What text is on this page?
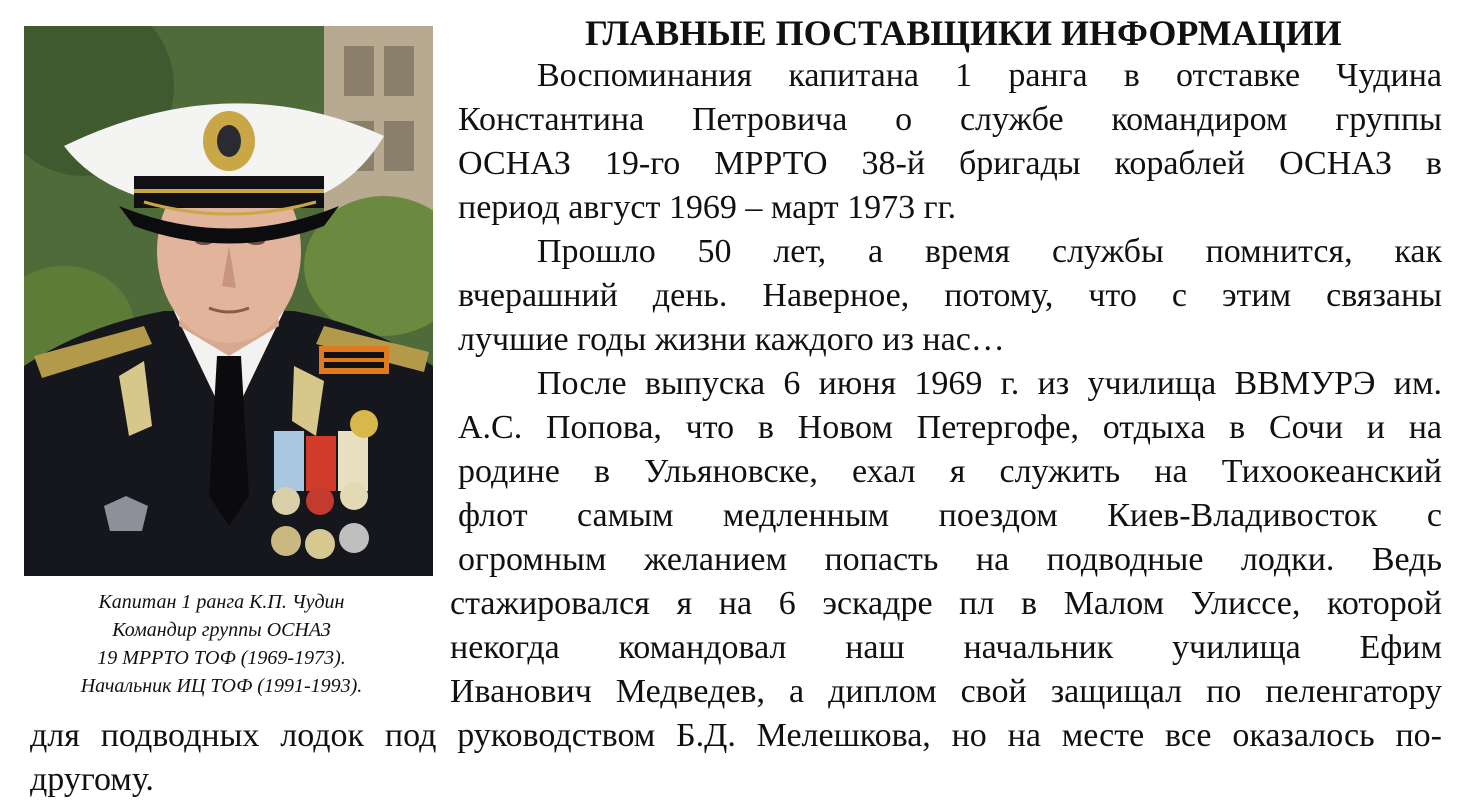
Капитан 1 ранга К.П. Чудин
Командир группы ОСНАЗ
19 МРРТО ТОФ (1969-1973).
Начальник ИЦ ТОФ (1991-1993).
ГЛАВНЫЕ ПОСТАВЩИКИ ИНФОРМАЦИИ
Воспоминания капитана 1 ранга в отставке Чудина
Константина Петровича о службе командиром группы
ОСНАЗ 19-го МРРТО 38-й бригады кораблей ОСНАЗ в
период август 1969 – март 1973 гг.
Прошло 50 лет, а время службы помнится, как
вчерашний день. Наверное, потому, что с этим связаны
лучшие годы жизни каждого из нас…
После выпуска 6 июня 1969 г. из училища ВВМУРЭ им.
А.С. Попова, что в Новом Петергофе, отдыха в Сочи и на
родине в Ульяновске, ехал я служить на Тихоокеанский
флот самым медленным поездом Киев-Владивосток с
огромным желанием попасть на подводные лодки. Ведь
стажировался я на 6 эскадре пл в Малом Улиссе, которой
некогда командовал наш начальник училища Ефим
Иванович Медведев, а диплом свой защищал по пеленгатору
для подводных лодок под руководством Б.Д. Мелешкова, но на месте все оказалось по-
другому.
